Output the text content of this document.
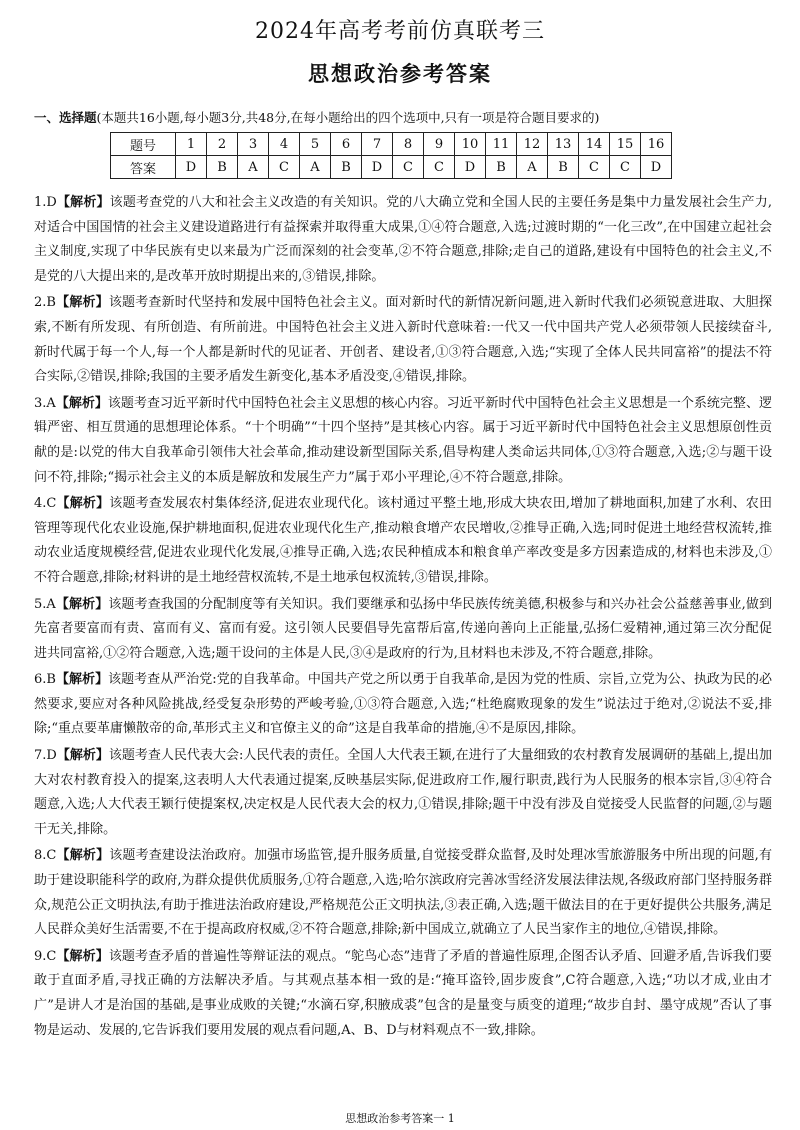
2024年高考考前仿真联考三
思想政治参考答案
一、选择题(本题共16小题,每小题3分,共48分,在每小题给出的四个选项中,只有一项是符合题目要求的)
题号	1	2	3	4	5	6	7	8	9	10	11	12	13	14	15	16
答案	D	B	A	C	A	B	D	C	C	D	B	A	B	C	C	D
1.D【解析】该题考查党的八大和社会主义改造的有关知识。党的八大确立党和全国人民的主要任务是集中力量发展社会生产力,对适合中国国情的社会主义建设道路进行有益探索并取得重大成果,①④符合题意,入选;过渡时期的“一化三改”,在中国建立起社会主义制度,实现了中华民族有史以来最为广泛而深刻的社会变革,②不符合题意,排除;走自己的道路,建设有中国特色的社会主义,不是党的八大提出来的,是改革开放时期提出来的,③错误,排除。
2.B【解析】该题考查新时代坚持和发展中国特色社会主义。面对新时代的新情况新问题,进入新时代我们必须锐意进取、大胆探索,不断有所发现、有所创造、有所前进。中国特色社会主义进入新时代意味着:一代又一代中国共产党人必须带领人民接续奋斗,新时代属于每一个人,每一个人都是新时代的见证者、开创者、建设者,①③符合题意,入选;“实现了全体人民共同富裕”的提法不符合实际,②错误,排除;我国的主要矛盾发生新变化,基本矛盾没变,④错误,排除。
3.A【解析】该题考查习近平新时代中国特色社会主义思想的核心内容。习近平新时代中国特色社会主义思想是一个系统完整、逻辑严密、相互贯通的思想理论体系。“十个明确”“十四个坚持”是其核心内容。属于习近平新时代中国特色社会主义思想原创性贡献的是:以党的伟大自我革命引领伟大社会革命,推动建设新型国际关系,倡导构建人类命运共同体,①③符合题意,入选;②与题干设问不符,排除;“揭示社会主义的本质是解放和发展生产力”属于邓小平理论,④不符合题意,排除。
4.C【解析】该题考查发展农村集体经济,促进农业现代化。该村通过平整土地,形成大块农田,增加了耕地面积,加建了水利、农田管理等现代化农业设施,保护耕地面积,促进农业现代化生产,推动粮食增产农民增收,②推导正确,入选;同时促进土地经营权流转,推动农业适度规模经营,促进农业现代化发展,④推导正确,入选;农民种植成本和粮食单产率改变是多方因素造成的,材料也未涉及,①不符合题意,排除;材料讲的是土地经营权流转,不是土地承包权流转,③错误,排除。
5.A【解析】该题考查我国的分配制度等有关知识。我们要继承和弘扬中华民族传统美德,积极参与和兴办社会公益慈善事业,做到先富者要富而有责、富而有义、富而有爱。这引领人民要倡导先富帮后富,传递向善向上正能量,弘扬仁爱精神,通过第三次分配促进共同富裕,①②符合题意,入选;题干设问的主体是人民,③④是政府的行为,且材料也未涉及,不符合题意,排除。
6.B【解析】该题考查从严治党:党的自我革命。中国共产党之所以勇于自我革命,是因为党的性质、宗旨,立党为公、执政为民的必然要求,要应对各种风险挑战,经受复杂形势的严峻考验,①③符合题意,入选;“杜绝腐败现象的发生”说法过于绝对,②说法不妥,排除;“重点要革庸懒散帝的命,革形式主义和官僚主义的命”这是自我革命的措施,④不是原因,排除。
7.D【解析】该题考查人民代表大会:人民代表的责任。全国人大代表王颖,在进行了大量细致的农村教育发展调研的基础上,提出加大对农村教育投入的提案,这表明人大代表通过提案,反映基层实际,促进政府工作,履行职责,践行为人民服务的根本宗旨,③④符合题意,入选;人大代表王颖行使提案权,决定权是人民代表大会的权力,①错误,排除;题干中没有涉及自觉接受人民监督的问题,②与题干无关,排除。
8.C【解析】该题考查建设法治政府。加强市场监管,提升服务质量,自觉接受群众监督,及时处理冰雪旅游服务中所出现的问题,有助于建设职能科学的政府,为群众提供优质服务,①符合题意,入选;哈尔滨政府完善冰雪经济发展法律法规,各级政府部门坚持服务群众,规范公正文明执法,有助于推进法治政府建设,严格规范公正文明执法,③表正确,入选;题干做法目的在于更好提供公共服务,满足人民群众美好生活需要,不在于提高政府权威,②不符合题意,排除;新中国成立,就确立了人民当家作主的地位,④错误,排除。
9.C【解析】该题考查矛盾的普遍性等辩证法的观点。“鸵鸟心态”违背了矛盾的普遍性原理,企图否认矛盾、回避矛盾,告诉我们要敢于直面矛盾,寻找正确的方法解决矛盾。与其观点基本相一致的是:“掩耳盗铃,固步废食”,C符合题意,入选;“功以才成,业由才广”是讲人才是治国的基础,是事业成败的关键;“水滴石穿,积腋成裘”包含的是量变与质变的道理;“故步自封、墨守成规”否认了事物是运动、发展的,它告诉我们要用发展的观点看问题,A、B、D与材料观点不一致,排除。
思想政治参考答案一 1
